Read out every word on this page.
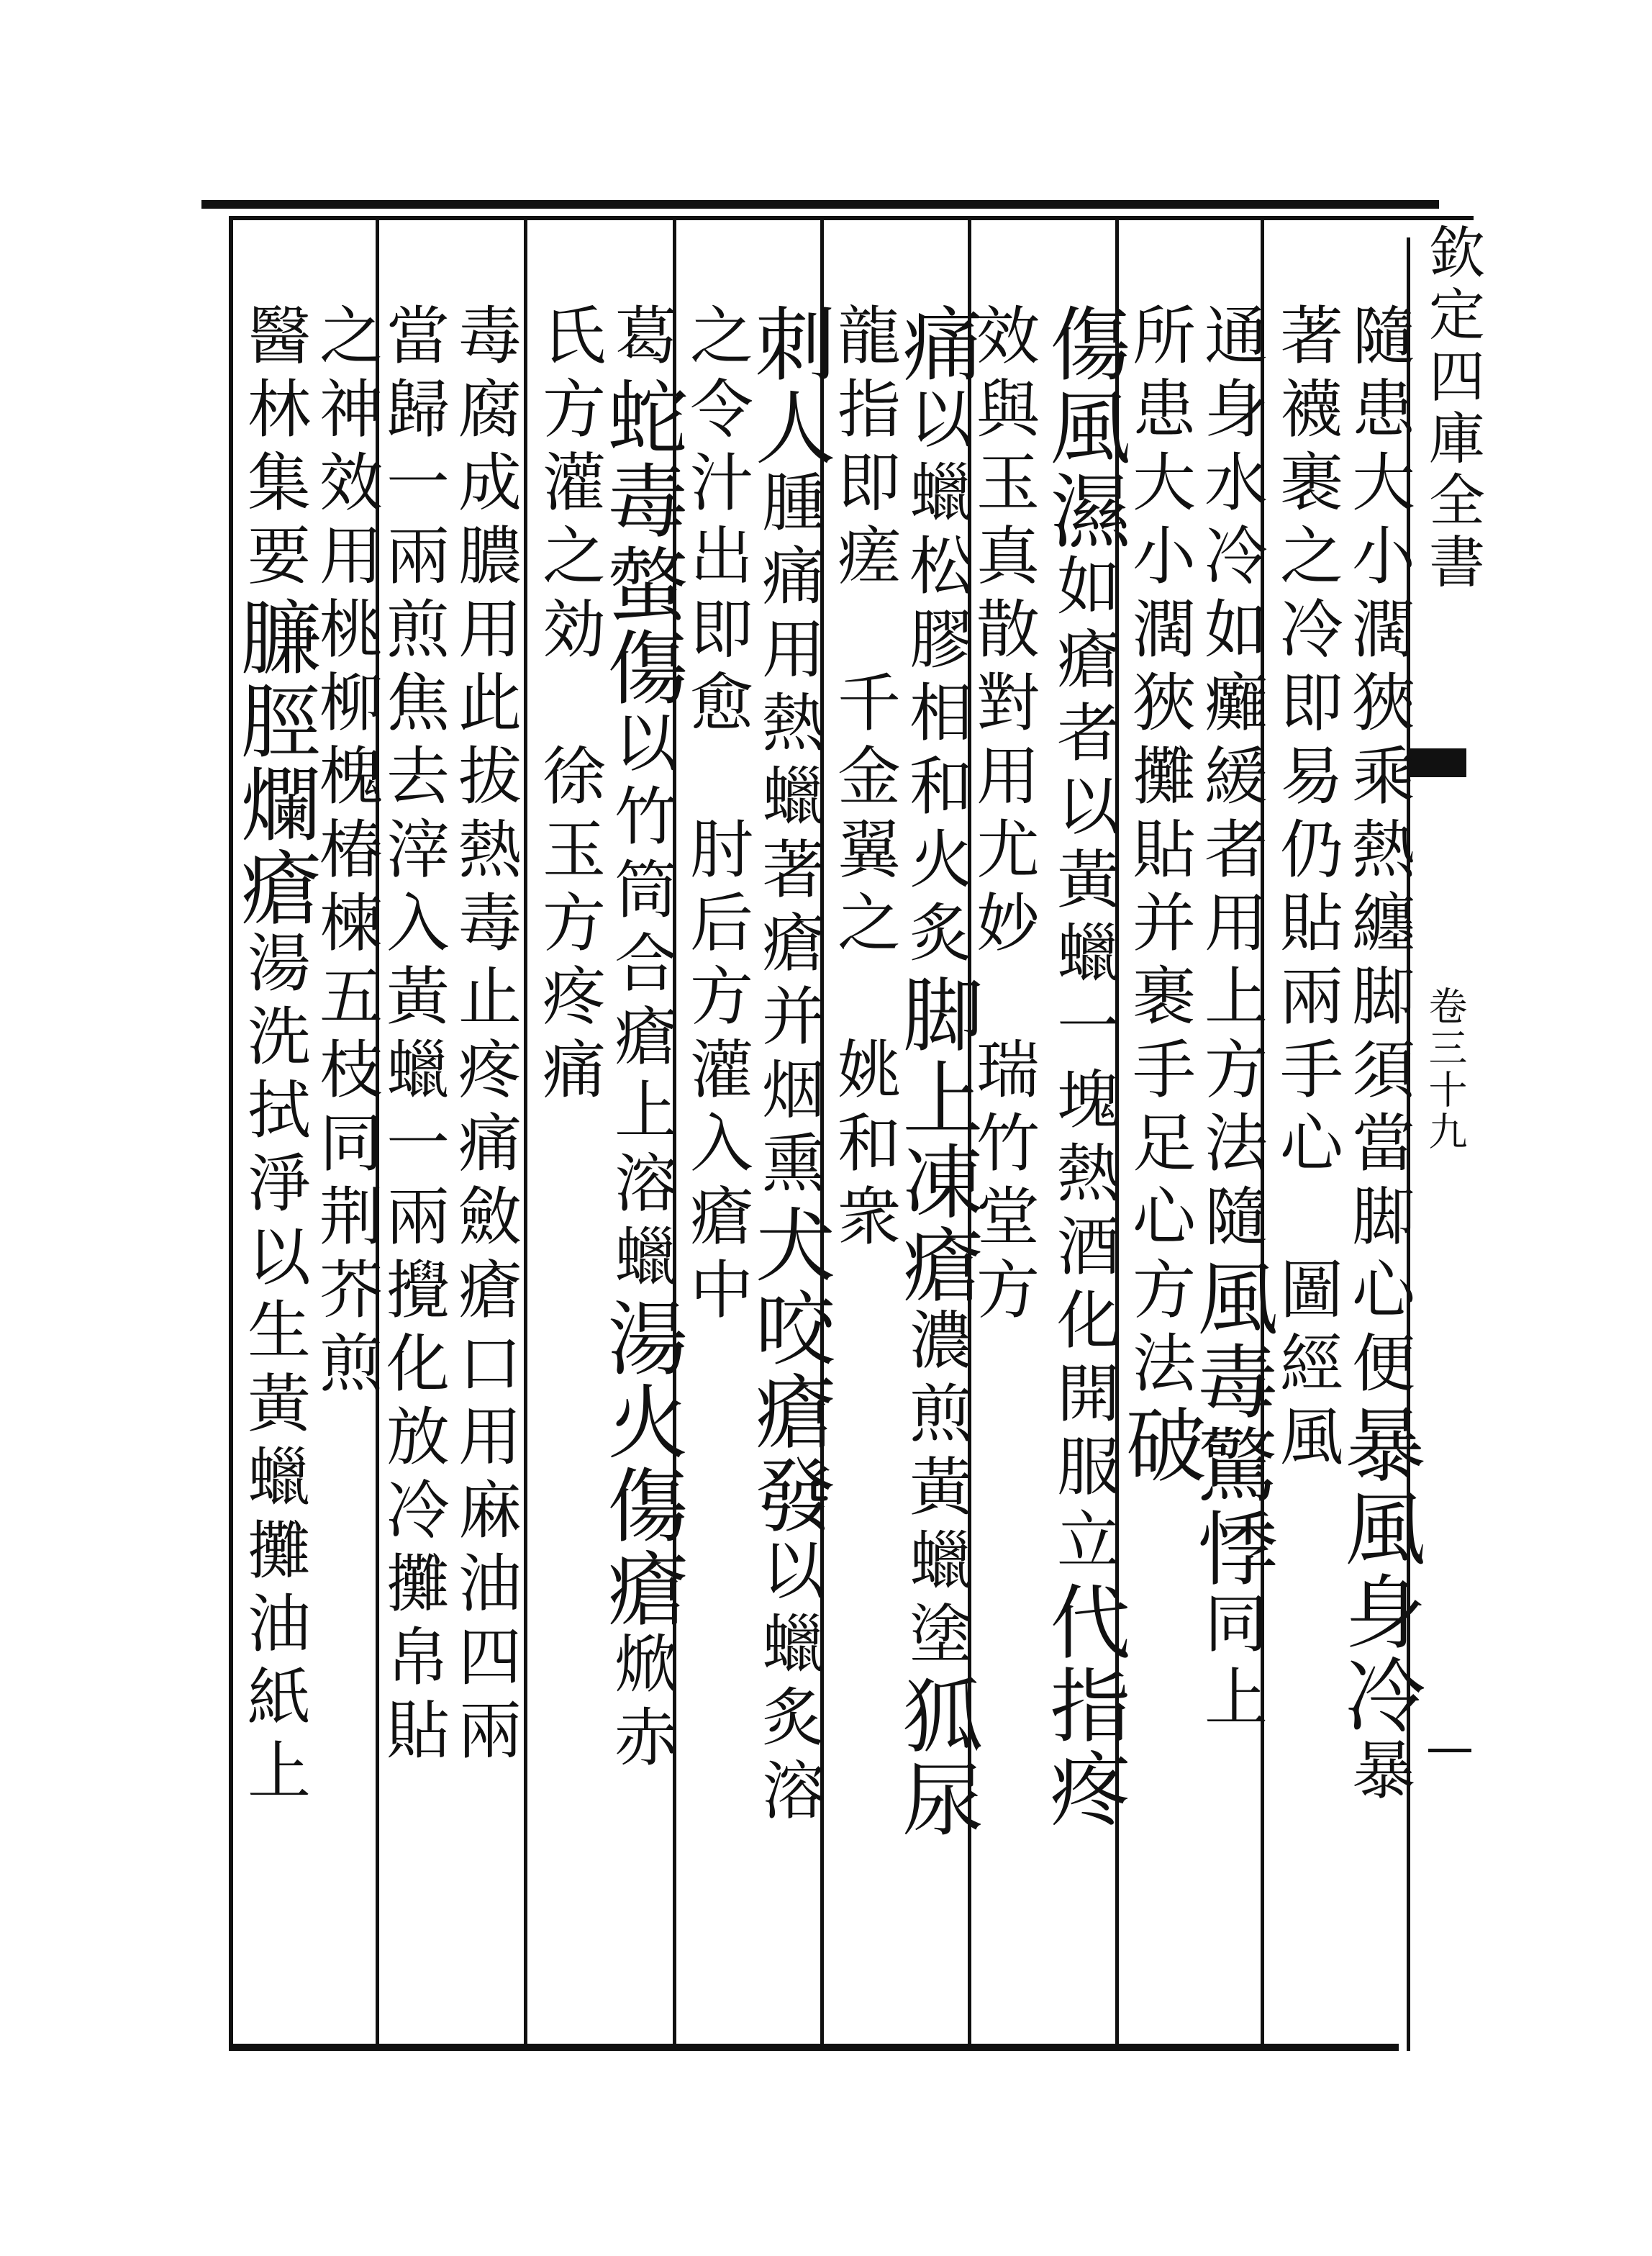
欽定四庫全書
卷三十九
隨患大小濶狹乘熱纏脚須當脚心便暴風身冷暴
著襪裹之冷即易仍貼兩手心　圖經風
通身水冷如癱緩者用上方法隨風毒驚悸同上
所患大小濶狹攤貼并裹手足心方法破
傷風濕如瘡者以黃蠟一塊熱酒化開服立代指疼
效與玉真散對用尤妙　瑞竹堂方
痛以蠟松膠相和火炙脚上凍瘡濃煎黃蠟塗狐尿
龍指即瘥　千金翼之　姚和衆
刺人腫痛用熱蠟著瘡并烟熏犬咬瘡發以蠟炙溶
之令汁出即愈　肘后方灌入瘡中
葛蛇毒螫傷以竹筒合瘡上溶蠟湯火傷瘡焮赤
氏方灌之効　徐玉方疼痛
毒腐成膿用此拔熱毒止疼痛斂瘡口用麻油四兩
當歸一兩煎焦去滓入黃蠟一兩攪化放冷攤帛貼
之神效用桃柳槐椿楝五枝同荆芥煎
醫林集要臁脛爛瘡湯洗拭淨以生黃蠟攤油紙上
